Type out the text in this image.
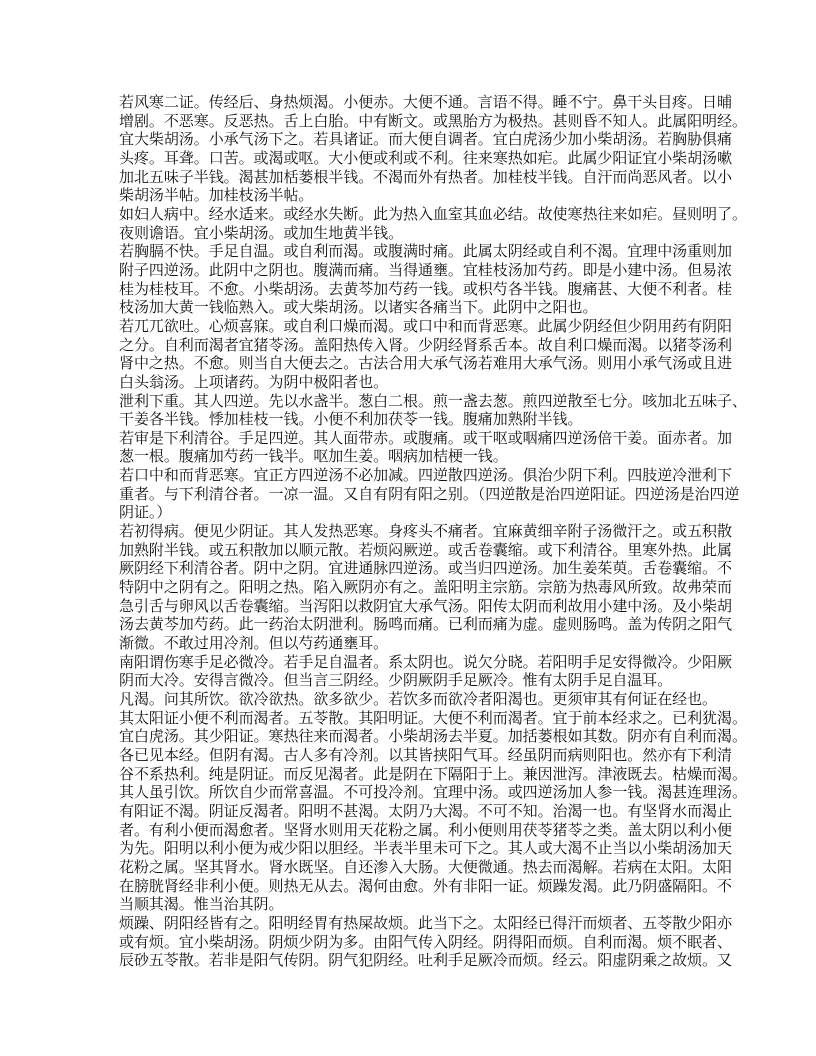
若风寒二证。传经后、身热烦渴。小便赤。大便不通。言语不得。睡不宁。鼻干头目疼。日晡
增剧。不恶寒。反恶热。舌上白胎。中有断文。或黑胎方为极热。甚则昏不知人。此属阳明经。
宜大柴胡汤。小承气汤下之。若具诸证。而大便自调者。宜白虎汤少加小柴胡汤。若胸胁俱痛
头疼。耳聋。口苦。或渴或呕。大小便或利或不利。往来寒热如疟。此属少阳证宜小柴胡汤嗽
加北五味子半钱。渴甚加栝蒌根半钱。不渴而外有热者。加桂枝半钱。自汗而尚恶风者。以小
柴胡汤半帖。加桂枝汤半帖。
如妇人病中。经水适来。或经水失断。此为热入血室其血必结。故使寒热往来如疟。昼则明了。
夜则谵语。宜小柴胡汤。或加生地黄半钱。
若胸膈不快。手足自温。或自利而渴。或腹满时痛。此属太阴经或自利不渴。宜理中汤重则加
附子四逆汤。此阴中之阴也。腹满而痛。当得通壅。宜桂枝汤加芍药。即是小建中汤。但易浓
桂为桂枝耳。不愈。小柴胡汤。去黄芩加芍药一钱。或枳芍各半钱。腹痛甚、大便不利者。桂
枝汤加大黄一钱临熟入。或大柴胡汤。以诸实各痛当下。此阴中之阳也。
若兀兀欲吐。心烦喜寐。或自利口燥而渴。或口中和而背恶寒。此属少阴经但少阴用药有阴阳
之分。自利而渴者宜猪苓汤。盖阳热传入肾。少阴经肾系舌本。故自利口燥而渴。以猪苓汤利
肾中之热。不愈。则当自大便去之。古法合用大承气汤若难用大承气汤。则用小承气汤或且进
白头翁汤。上项诸药。为阴中极阳者也。
泄利下重。其人四逆。先以水盏半。葱白二根。煎一盏去葱。煎四逆散至七分。咳加北五味子、
干姜各半钱。悸加桂枝一钱。小便不利加茯苓一钱。腹痛加熟附半钱。
若审是下利清谷。手足四逆。其人面带赤。或腹痛。或干呕或咽痛四逆汤倍干姜。面赤者。加
葱一根。腹痛加芍药一钱半。呕加生姜。咽病加桔梗一钱。
若口中和而背恶寒。宜正方四逆汤不必加减。四逆散四逆汤。俱治少阴下利。四肢逆冷泄利下
重者。与下利清谷者。一凉一温。又自有阴有阳之别。（四逆散是治四逆阳证。四逆汤是治四逆
阴证。）
若初得病。便见少阴证。其人发热恶寒。身疼头不痛者。宜麻黄细辛附子汤微汗之。或五积散
加熟附半钱。或五积散加以顺元散。若烦闷厥逆。或舌卷囊缩。或下利清谷。里寒外热。此属
厥阴经下利清谷者。阴中之阴。宜进通脉四逆汤。或当归四逆汤。加生姜茱萸。舌卷囊缩。不
特阴中之阴有之。阳明之热。陷入厥阴亦有之。盖阳明主宗筋。宗筋为热毒风所致。故弗荣而
急引舌与卵风以舌卷囊缩。当泻阳以救阴宜大承气汤。阳传太阴而利故用小建中汤。及小柴胡
汤去黄芩加芍药。此一药治太阴泄利。肠鸣而痛。已利而痛为虚。虚则肠鸣。盖为传阴之阳气
渐微。不敢过用冷剂。但以芍药通壅耳。
南阳谓伤寒手足必微冷。若手足自温者。系太阴也。说欠分晓。若阳明手足安得微冷。少阳厥
阴而大冷。安得言微冷。但当言三阴经。少阴厥阴手足厥冷。惟有太阴手足自温耳。
凡渴。问其所饮。欲冷欲热。欲多欲少。若饮多而欲冷者阳渴也。更须审其有何证在经也。
其太阳证小便不利而渴者。五苓散。其阳明证。大便不利而渴者。宜于前本经求之。已利犹渴。
宜白虎汤。其少阳证。寒热往来而渴者。小柴胡汤去半夏。加括蒌根如其数。阴亦有自利而渴。
各已见本经。但阴有渴。古人多有冷剂。以其皆挟阳气耳。经虽阴而病则阳也。然亦有下利清
谷不系热利。纯是阴证。而反见渴者。此是阴在下隔阳于上。兼因泄泻。津液既去。枯燥而渴。
其人虽引饮。所饮自少而常喜温。不可投冷剂。宜理中汤。或四逆汤加人参一钱。渴甚连理汤。
有阳证不渴。阴证反渴者。阳明不甚渴。太阴乃大渴。不可不知。治渴一也。有坚肾水而渴止
者。有利小便而渴愈者。坚肾水则用天花粉之属。利小便则用茯苓猪苓之类。盖太阴以利小便
为先。阳明以利小便为戒少阳以胆经。半表半里未可下之。其人或大渴不止当以小柴胡汤加天
花粉之属。坚其肾水。肾水既坚。自还渗入大肠。大便微通。热去而渴解。若病在太阳。太阳
在膀胱肾经非利小便。则热无从去。渴何由愈。外有非阳一证。烦躁发渴。此乃阴盛隔阳。不
当顺其渴。惟当治其阴。
烦躁、阴阳经皆有之。阳明经胃有热屎故烦。此当下之。太阳经已得汗而烦者、五苓散少阳亦
或有烦。宜小柴胡汤。阴烦少阴为多。由阳气传入阴经。阴得阳而烦。自利而渴。烦不眠者、
辰砂五苓散。若非是阳气传阴。阴气犯阴经。吐利手足厥冷而烦。经云。阳虚阴乘之故烦。又
